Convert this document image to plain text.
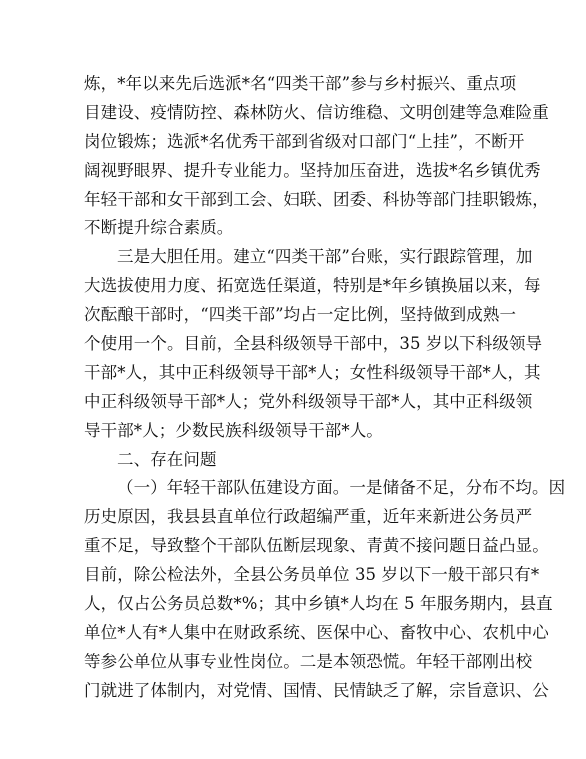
炼，*年以来先后选派*名“四类干部”参与乡村振兴、重点项
目建设、疫情防控、森林防火、信访维稳、文明创建等急难险重
岗位锻炼；选派*名优秀干部到省级对口部门“上挂”，不断开
阔视野眼界、提升专业能力。坚持加压奋进，选拔*名乡镇优秀
年轻干部和女干部到工会、妇联、团委、科协等部门挂职锻炼，
不断提升综合素质。
三是大胆任用。建立“四类干部”台账，实行跟踪管理，加
大选拔使用力度、拓宽选任渠道，特别是*年乡镇换届以来，每
次酝酿干部时，“四类干部”均占一定比例，坚持做到成熟一
个使用一个。目前，全县科级领导干部中，35 岁以下科级领导
干部*人，其中正科级领导干部*人；女性科级领导干部*人，其
中正科级领导干部*人；党外科级领导干部*人，其中正科级领
导干部*人；少数民族科级领导干部*人。
二、存在问题
（一）年轻干部队伍建设方面。一是储备不足，分布不均。因
历史原因，我县县直单位行政超编严重，近年来新进公务员严
重不足，导致整个干部队伍断层现象、青黄不接问题日益凸显。
目前，除公检法外，全县公务员单位 35 岁以下一般干部只有*
人，仅占公务员总数*%；其中乡镇*人均在 5 年服务期内，县直
单位*人有*人集中在财政系统、医保中心、畜牧中心、农机中心
等参公单位从事专业性岗位。二是本领恐慌。年轻干部刚出校
门就进了体制内，对党情、国情、民情缺乏了解，宗旨意识、公
